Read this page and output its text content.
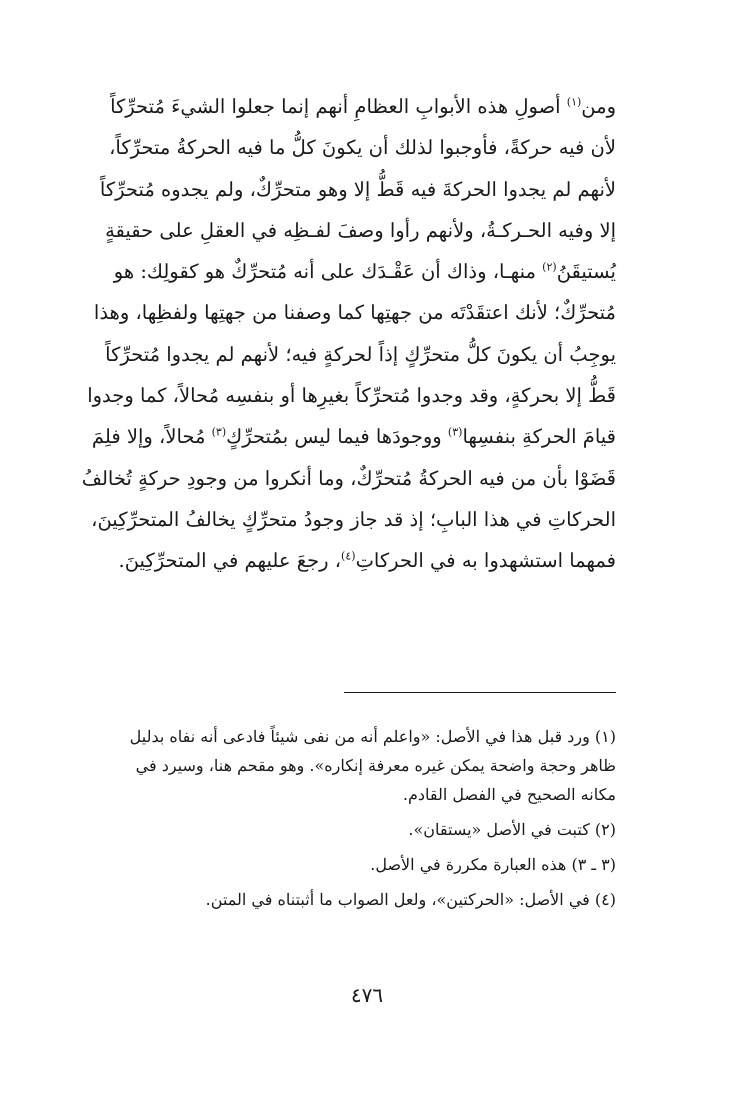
ومن$^{(١)}$ أصولِ هذه الأبوابِ العظامِ أنهم إنما جعلوا الشيءَ مُتحرِّكاً
لأن فيه حركةً، فأوجبوا لذلك أن يكونَ كلُّ ما فيه الحركةُ متحرِّكاً،
لأنهم لم يجدوا الحركةَ فيه قَطُّ إلا وهو متحرِّكٌ، ولم يجدوه مُتحرِّكاً
إلا وفيه الحـركـةُ، ولأنهم رأوا وصفَ لفـظِه في العقلِ على حقيقةٍ
يُستيقَنُ$^{(٢)}$ منهـا، وذاك أن عَقْـدَك على أنه مُتحرِّكٌ هو كقولِك: هو
مُتحرِّكٌ؛ لأنك اعتقَدْتَه من جهتِها كما وصفنا من جهتِها ولفظِها، وهذا
يوجِبُ أن يكونَ كلُّ متحرِّكٍ إذاً لحركةٍ فيه؛ لأنهم لم يجدوا مُتحرِّكاً
قَطُّ إلا بحركةٍ، وقد وجدوا مُتحرِّكاً بغيرِها أو بنفسِه مُحالاً، كما وجدوا
قيامَ الحركةِ بنفسِها$^{(٣)}$ ووجودَها فيما ليس بمُتحرِّكٍ$^{(٣)}$ مُحالاً، وإلا فلِمَ
قَضَوْا بأن من فيه الحركةُ مُتحرِّكٌ، وما أنكروا من وجودِ حركةٍ تُخالفُ
الحركاتِ في هذا البابِ؛ إذ قد جاز وجودُ متحرِّكٍ يخالفُ المتحرِّكِينَ،
فمهما استشهدوا به في الحركاتِ$^{(٤)}$، رجعَ عليهم في المتحرِّكِينَ.

(١) ورد قبل هذا في الأصل: «واعلم أنه من نفى شيئاً فادعى أنه نفاه بدليل
ظاهر وحجة واضحة يمكن غيره معرفة إنكاره». وهو مقحم هنا، وسيرد في
مكانه الصحيح في الفصل القادم.

(٢) كتبت في الأصل «يستقان».

(٣ ـ ٣) هذه العبارة مكررة في الأصل.

(٤) في الأصل: «الحركتين»، ولعل الصواب ما أثبتناه في المتن.

٤٧٦
